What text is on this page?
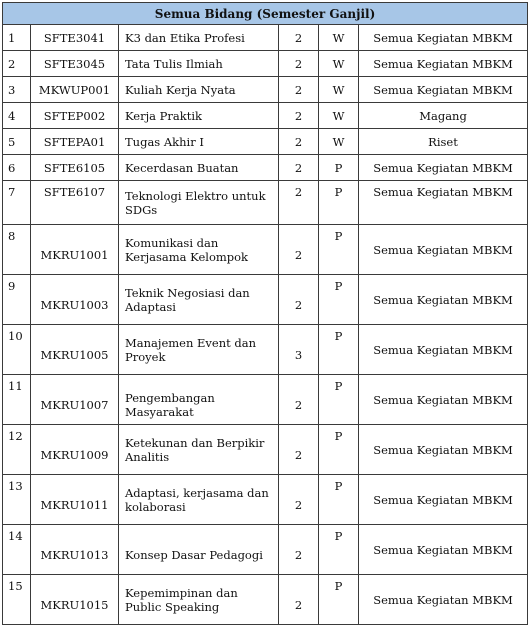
Semua Bidang (Semester Ganjil)					
1	SFTE3041	K3 dan Etika Profesi	2	W	Semua Kegiatan MBKM
2	SFTE3045	Tata Tulis Ilmiah	2	W	Semua Kegiatan MBKM
3	MKWUP001	Kuliah Kerja Nyata	2	W	Semua Kegiatan MBKM
4	SFTEP002	Kerja Praktik	2	W	Magang
5	SFTEPA01	Tugas Akhir I	2	W	Riset
6	SFTE6105	Kecerdasan Buatan	2	P	Semua Kegiatan MBKM
7	SFTE6107	Teknologi Elektro untuk SDGs	2	P	Semua Kegiatan MBKM
8	MKRU1001	Komunikasi dan Kerjasama Kelompok	2	P	Semua Kegiatan MBKM
9	MKRU1003	Teknik Negosiasi dan Adaptasi	2	P	Semua Kegiatan MBKM
10	MKRU1005	Manajemen Event dan Proyek	3	P	Semua Kegiatan MBKM
11	MKRU1007	Pengembangan Masyarakat	2	P	Semua Kegiatan MBKM
12	MKRU1009	Ketekunan dan Berpikir Analitis	2	P	Semua Kegiatan MBKM
13	MKRU1011	Adaptasi, kerjasama dan kolaborasi	2	P	Semua Kegiatan MBKM
14	MKRU1013	Konsep Dasar Pedagogi	2	P	Semua Kegiatan MBKM
15	MKRU1015	Kepemimpinan dan Public Speaking	2	P	Semua Kegiatan MBKM
